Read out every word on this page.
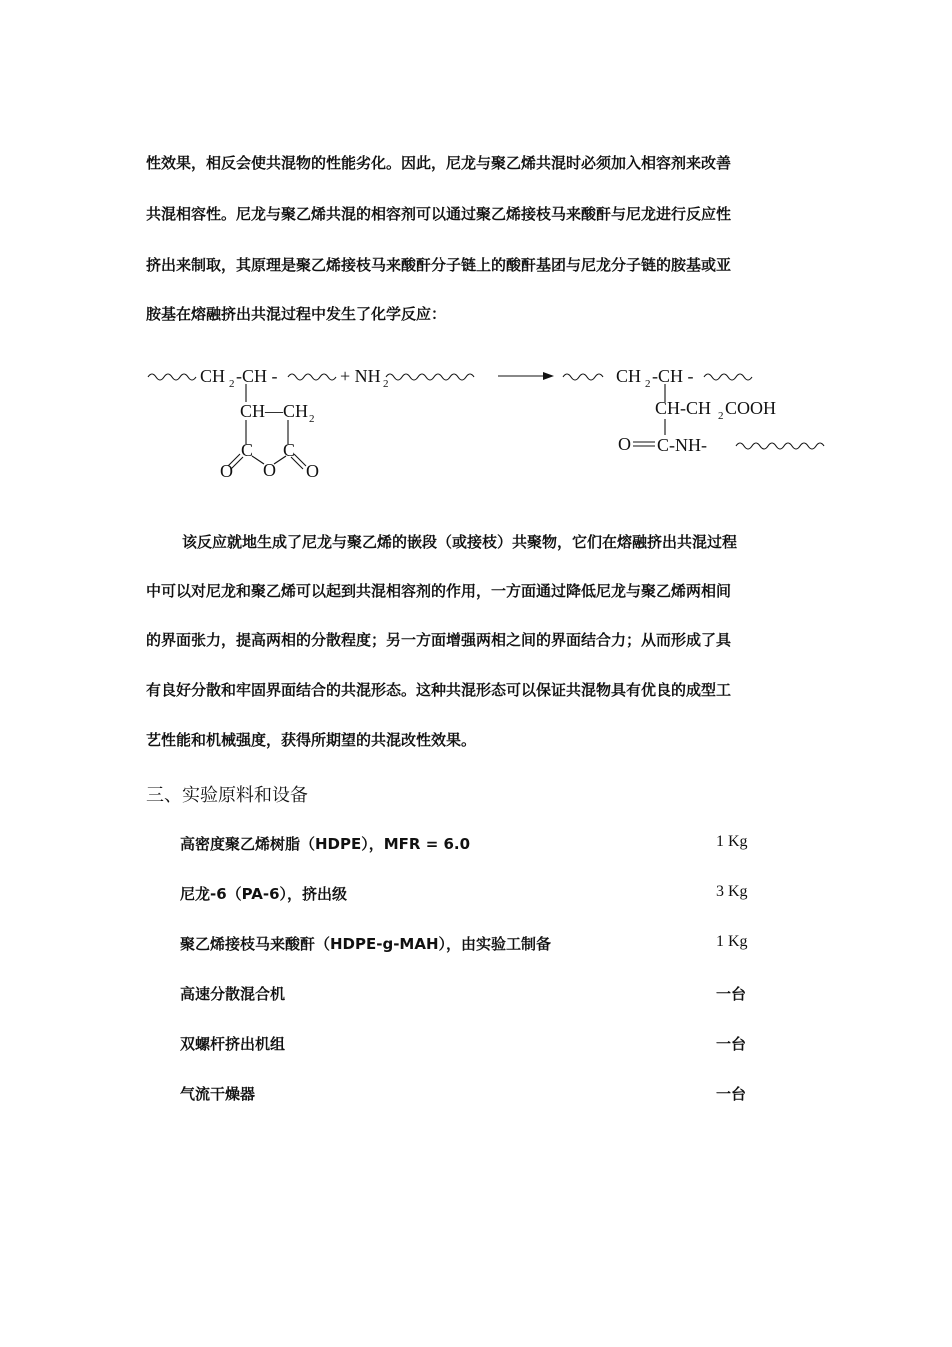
性效果，相反会使共混物的性能劣化。因此，尼龙与聚乙烯共混时必须加入相容剂来改善
共混相容性。尼龙与聚乙烯共混的相容剂可以通过聚乙烯接枝马来酸酐与尼龙进行反应性
挤出来制取，其原理是聚乙烯接枝马来酸酐分子链上的酸酐基团与尼龙分子链的胺基或亚
胺基在熔融挤出共混过程中发生了化学反应：
CH 2 -CH -	+ NH 2
CH—CH 2
C C
O O O
CH 2 -CH -
CH-CH 2 COOH
O C-NH-
该反应就地生成了尼龙与聚乙烯的嵌段（或接枝）共聚物，它们在熔融挤出共混过程
中可以对尼龙和聚乙烯可以起到共混相容剂的作用，一方面通过降低尼龙与聚乙烯两相间
的界面张力，提高两相的分散程度；另一方面增强两相之间的界面结合力；从而形成了具
有良好分散和牢固界面结合的共混形态。这种共混形态可以保证共混物具有优良的成型工
艺性能和机械强度，获得所期望的共混改性效果。
三、实验原料和设备
高密度聚乙烯树脂（HDPE），MFR = 6.0	1 Kg
尼龙-6（PA-6），挤出级	3 Kg
聚乙烯接枝马来酸酐（HDPE-g-MAH），由实验工制备	1 Kg
高速分散混合机	一台
双螺杆挤出机组	一台
气流干燥器	一台
